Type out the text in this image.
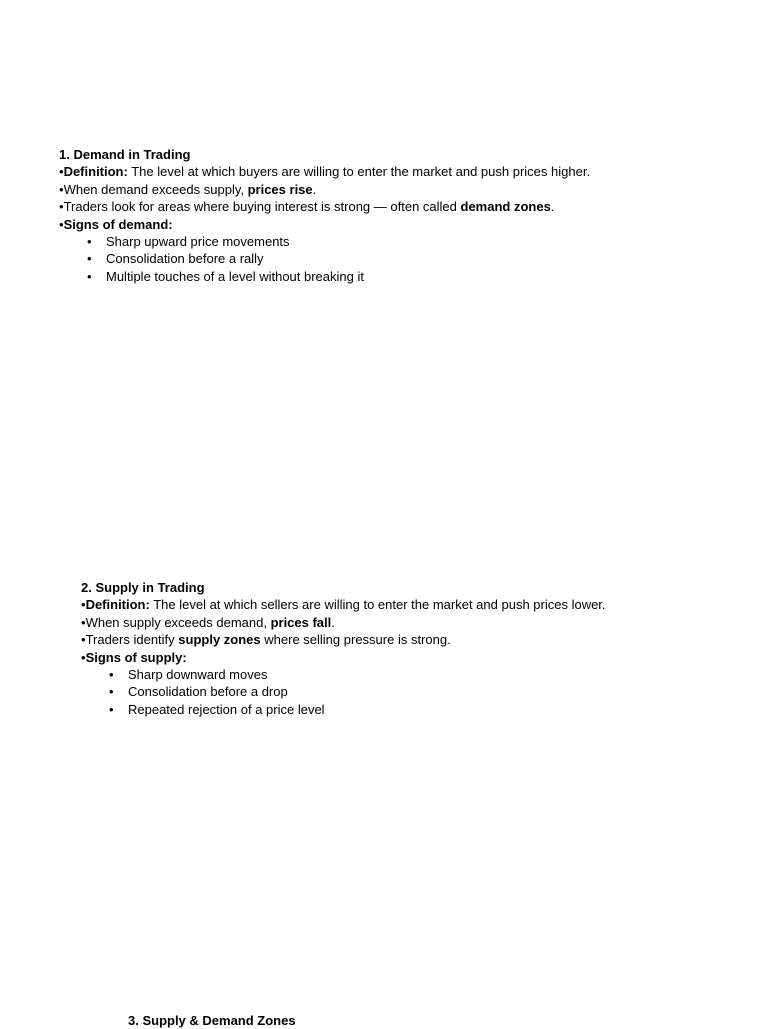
1. Demand in Trading
•Definition: The level at which buyers are willing to enter the market and push prices higher.
•When demand exceeds supply, prices rise.
•Traders look for areas where buying interest is strong — often called demand zones.
•Signs of demand:
• Sharp upward price movements
• Consolidation before a rally
• Multiple touches of a level without breaking it
2. Supply in Trading
•Definition: The level at which sellers are willing to enter the market and push prices lower.
•When supply exceeds demand, prices fall.
•Traders identify supply zones where selling pressure is strong.
•Signs of supply:
• Sharp downward moves
• Consolidation before a drop
• Repeated rejection of a price level
3. Supply & Demand Zones
